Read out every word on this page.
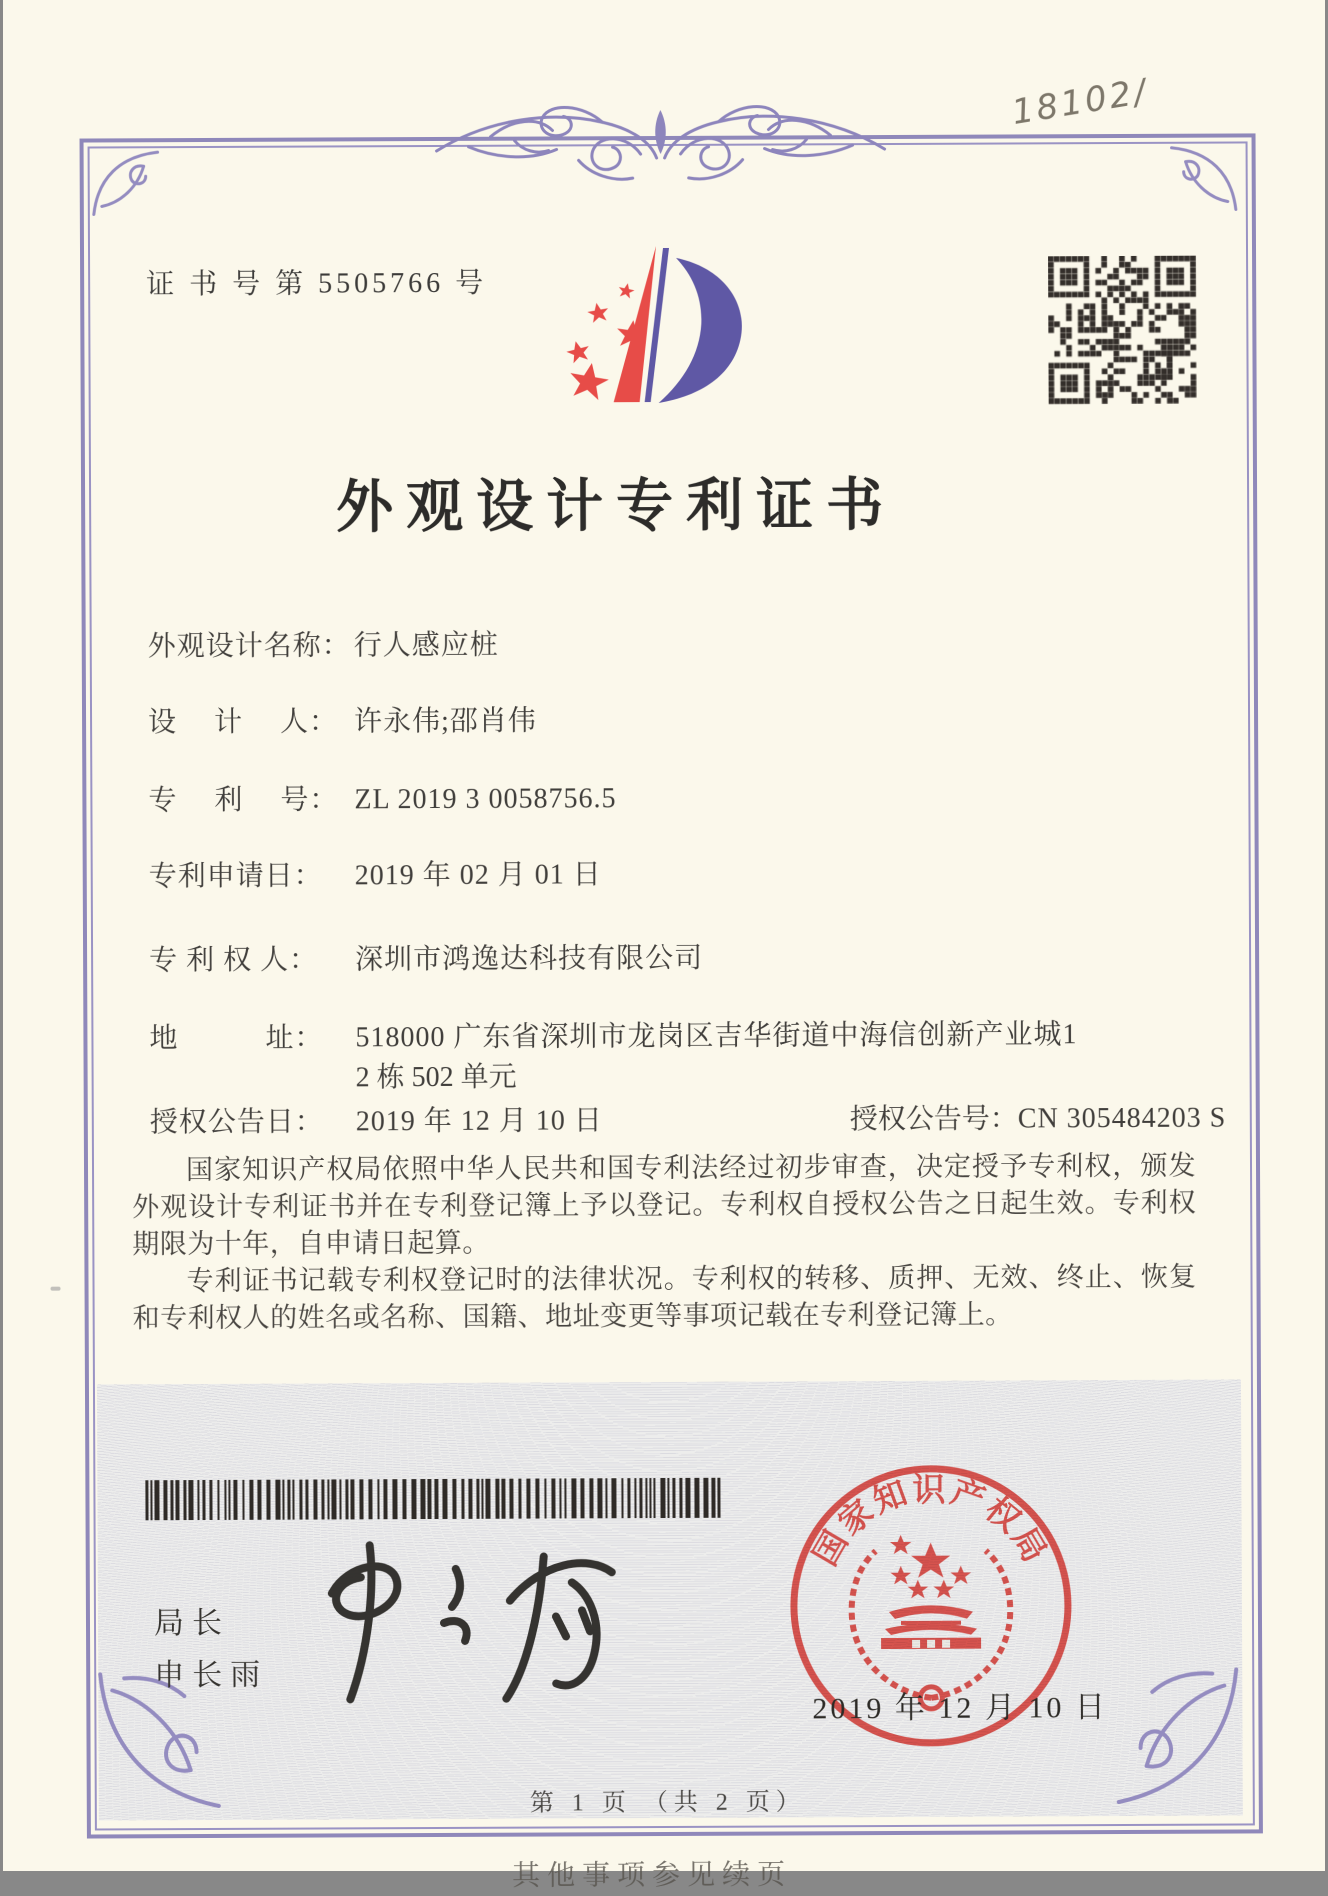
18102/
证 书 号 第 5505766 号
外观设计专利证书
外观设计名称： 行人感应桩
设　 计 　人： 许永伟;邵肖伟
专　 利 　号： ZL 2019 3 0058756.5
专利申请日： 2019 年 02 月 01 日
专 利 权 人： 深圳市鸿逸达科技有限公司
地　　　址： 518000 广东省深圳市龙岗区吉华街道中海信创新产业城1
2 栋 502 单元
授权公告日： 2019 年 12 月 10 日	授权公告号：CN 305484203 S

国家知识产权局依照中华人民共和国专利法经过初步审查，决定授予专利权，颁发外观设计专利证书并在专利登记簿上予以登记。专利权自授权公告之日起生效。专利权期限为十年，自申请日起算。

专利证书记载专利权登记时的法律状况。专利权的转移、质押、无效、终止、恢复和专利权人的姓名或名称、国籍、地址变更等事项记载在专利登记簿上。

局长
申长雨
国家知识产权局
2019 年 12 月 10 日
第 1 页 （共 2 页）
其他事项参见续页
